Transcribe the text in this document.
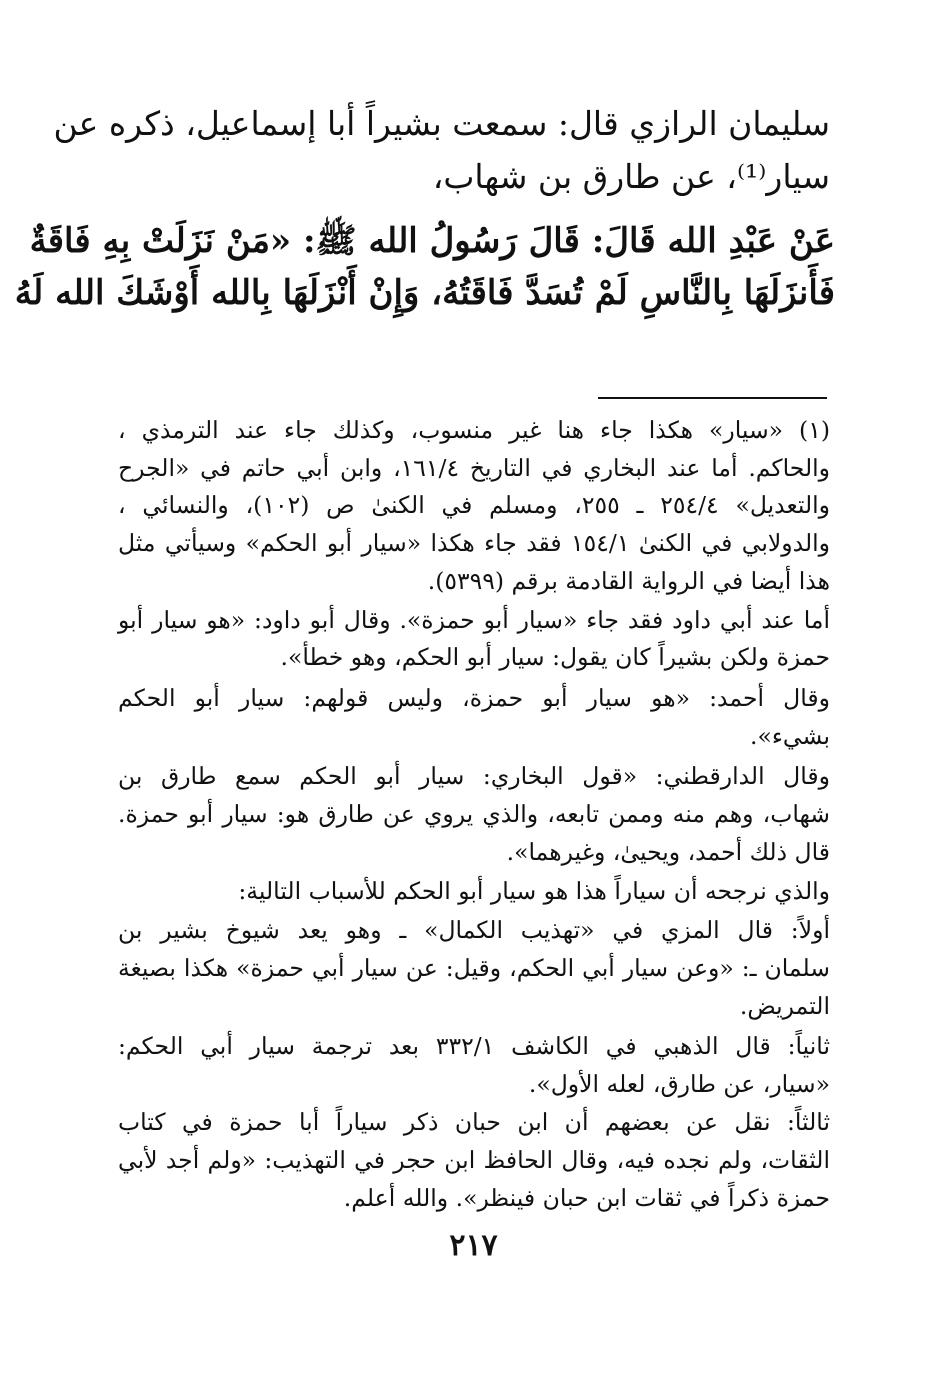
سليمان الرازي قال: سمعت بشيراً أبا إسماعيل، ذكره عن
سيار⁽¹⁾، عن طارق بن شهاب،
عَنْ عَبْدِ الله قَالَ: قَالَ رَسُولُ الله ﷺ: «مَنْ نَزَلَتْ بِهِ فَاقَةٌ
فَأَنزَلَهَا بِالنَّاسِ لَمْ تُسَدَّ فَاقَتُهُ، وَإِنْ أَنْزَلَهَا بِالله أَوْشَكَ الله لَهُ
(١) «سيار» هكذا جاء هنا غير منسوب، وكذلك جاء عند الترمذي ،
والحاكم. أما عند البخاري في التاريخ ١٦١/٤، وابن أبي حاتم في «الجرح
والتعديل» ٢٥٤/٤ ـ ٢٥٥، ومسلم في الكنىٰ ص (١٠٢)، والنسائي ،
والدولابي في الكنىٰ ١٥٤/١ فقد جاء هكذا «سيار أبو الحكم» وسيأتي مثل
هذا أيضا في الرواية القادمة برقم (٥٣٩٩).
أما عند أبي داود فقد جاء «سيار أبو حمزة». وقال أبو داود: «هو سيار أبو
حمزة ولكن بشيراً كان يقول: سيار أبو الحكم، وهو خطأ».
وقال أحمد: «هو سيار أبو حمزة، وليس قولهم: سيار أبو الحكم
بشيء».
وقال الدارقطني: «قول البخاري: سيار أبو الحكم سمع طارق بن
شهاب، وهم منه وممن تابعه، والذي يروي عن طارق هو: سيار أبو حمزة.
قال ذلك أحمد، ويحيىٰ، وغيرهما».
والذي نرجحه أن سياراً هذا هو سيار أبو الحكم للأسباب التالية:
أولاً: قال المزي في «تهذيب الكمال» ـ وهو يعد شيوخ بشير بن
سلمان ـ: «وعن سيار أبي الحكم، وقيل: عن سيار أبي حمزة» هكذا بصيغة
التمريض.
ثانياً: قال الذهبي في الكاشف ٣٣٢/١ بعد ترجمة سيار أبي الحكم:
«سيار، عن طارق، لعله الأول».
ثالثاً: نقل عن بعضهم أن ابن حبان ذكر سياراً أبا حمزة في كتاب
الثقات، ولم نجده فيه، وقال الحافظ ابن حجر في التهذيب: «ولم أجد لأبي
حمزة ذكراً في ثقات ابن حبان فينظر». والله أعلم.
٢١٧
